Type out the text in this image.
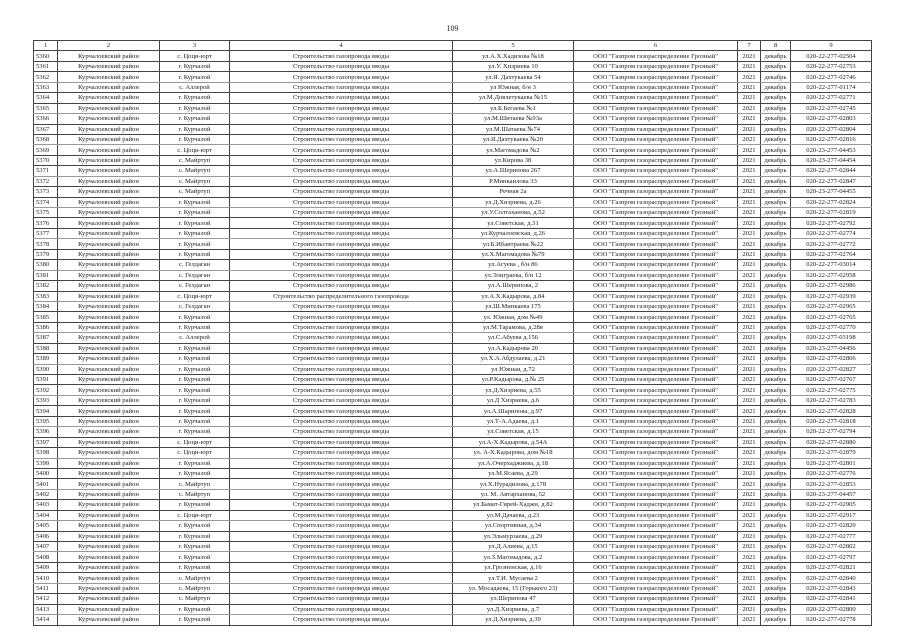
109
1	2	3	4	5	6	7	8	9
5360	Курчалоевский район	с. Цоци-юрт	Строительство газопровода вводы	ул.А.Х.Хадизова №18	ООО "Газпром газораспределение Грозный"	2021	декабрь	020-22-277-02504
5361	Курчалоевский район	г. Курчалой	Строительство газопровода вводы	ул.У. Хизриева 10	ООО "Газпром газораспределение Грозный"	2021	декабрь	020-22-277-02753
5362	Курчалоевский район	г. Курчалой	Строительство газопровода вводы	ул.Я. Дахтукаева 54	ООО "Газпром газораспределение Грозный"	2021	декабрь	020-22-277-02746
5363	Курчалоевский район	с. Аллерой	Строительство газопровода вводы	ул Южная, б/н 3	ООО "Газпром газораспределение Грозный"	2021	декабрь	020-22-277-01174
5364	Курчалоевский район	г. Курчалой	Строительство газопровода вводы	ул.М.Довлетукаева №15	ООО "Газпром газораспределение Грозный"	2021	декабрь	020-22-277-02771
5365	Курчалоевский район	г. Курчалой	Строительство газопровода вводы	ул.Б.Бегаева №1	ООО "Газпром газораспределение Грозный"	2021	декабрь	020-22-277-02745
5366	Курчалоевский район	г. Курчалой	Строительство газопровода вводы	ул.М.Шитаева №93а	ООО "Газпром газораспределение Грозный"	2021	декабрь	020-22-277-02803
5367	Курчалоевский район	г. Курчалой	Строительство газопровода вводы	ул.М.Шатаева №74	ООО "Газпром газораспределение Грозный"	2021	декабрь	020-22-277-02804
5368	Курчалоевский район	г. Курчалой	Строительство газопровода вводы	ул.Я.Дахтукаева №20	ООО "Газпром газораспределение Грозный"	2021	декабрь	020-22-277-02816
5369	Курчалоевский район	с. Цоци-юрт	Строительство газопровода вводы	ул.Магомадова №2	ООО "Газпром газораспределение Грозный"	2021	декабрь	020-23-277-04453
5370	Курчалоевский район	с. Майртуп	Строительство газопровода вводы	ул.Кирова 38	ООО "Газпром газораспределение Грозный"	2021	декабрь	020-23-277-04454
5371	Курчалоевский район	с. Майртуп	Строительство газопровода вводы	ул.А.Шерипова 267	ООО "Газпром газораспределение Грозный"	2021	декабрь	020-22-277-02844
5372	Курчалоевский район	с. Майртуп	Строительство газопровода вводы	Р.Минкаилова 33	ООО "Газпром газораспределение Грозный"	2021	декабрь	020-22-277-02847
5373	Курчалоевский район	с. Майртуп	Строительство газопровода вводы	Речная 2а	ООО "Газпром газораспределение Грозный"	2021	декабрь	020-23-277-04455
5374	Курчалоевский район	г. Курчалой	Строительство газопровода вводы	ул.Д.Хизриева, д.26	ООО "Газпром газораспределение Грозный"	2021	декабрь	020-22-277-02824
5375	Курчалоевский район	г. Курчалой	Строительство газопровода вводы	ул.У.Солтаханова, д.52	ООО "Газпром газораспределение Грозный"	2021	декабрь	020-22-277-02819
5376	Курчалоевский район	г. Курчалой	Строительство газопровода вводы	ул.Советская, д.31	ООО "Газпром газораспределение Грозный"	2021	декабрь	020-22-277-02792
5377	Курчалоевский район	г. Курчалой	Строительство газопровода вводы	ул.Курчалоевская, д.26	ООО "Газпром газораспределение Грозный"	2021	декабрь	020-22-277-02774
5378	Курчалоевский район	г. Курчалой	Строительство газопровода вводы	ул.Б.Ибаитраева №22	ООО "Газпром газораспределение Грозный"	2021	декабрь	020-22-277-02772
5379	Курчалоевский район	г. Курчалой	Строительство газопровода вводы	ул.Х.Магомадова №79	ООО "Газпром газораспределение Грозный"	2021	декабрь	020-22-277-02764
5380	Курчалоевский район	с. Гелдаган	Строительство газопровода вводы	ул.Агуева , б/н 86	ООО "Газпром газораспределение Грозный"	2021	декабрь	020-22-277-03014
5381	Курчалоевский район	с. Гелдаган	Строительство газопровода вводы	ул.Элиграева, б/н 12	ООО "Газпром газораспределение Грозный"	2021	декабрь	020-22-277-02958
5382	Курчалоевский район	с. Гелдаган	Строительство газопровода вводы	ул.А.Шерипова, 2	ООО "Газпром газораспределение Грозный"	2021	декабрь	020-22-277-02986
5383	Курчалоевский район	с. Цоци-юрт	Строительство распределительного газопровода	ул.А.Х.Кадырова, д.84	ООО "Газпром газораспределение Грозный"	2021	декабрь	020-22-277-02939
5384	Курчалоевский район	с. Гелдаган	Строительство газопровода вводы	ул.Ш.Минкаева 175	ООО "Газпром газораспределение Грозный"	2021	декабрь	020-22-277-02965
5385	Курчалоевский район	г. Курчалой	Строительство газопровода вводы	ул. Южная, дом №49	ООО "Газпром газораспределение Грозный"	2021	декабрь	020-22-277-02765
5386	Курчалоевский район	г. Курчалой	Строительство газопровода вводы	ул.М.Тарамова, д.28в	ООО "Газпром газораспределение Грозный"	2021	декабрь	020-22-277-02770
5387	Курчалоевский район	с. Аллерой	Строительство газопровода вводы	ул.С.Абуева д.156	ООО "Газпром газораспределение Грозный"	2021	декабрь	020-22-277-03198
5388	Курчалоевский район	г. Курчалой	Строительство газопровода вводы	ул.А.Кадырова 20	ООО "Газпром газораспределение Грозный"	2021	декабрь	020-23-277-04456
5389	Курчалоевский район	г. Курчалой	Строительство газопровода вводы	ул.Х.А.Абдулаева, д.21	ООО "Газпром газораспределение Грозный"	2021	декабрь	020-22-277-02806
5390	Курчалоевский район	г. Курчалой	Строительство газопровода вводы	ул Южная, д.72	ООО "Газпром газораспределение Грозный"	2021	декабрь	020-22-277-02827
5391	Курчалоевский район	г. Курчалой	Строительство газопровода вводы	ул.Р.Кадырова, д.№ 25	ООО "Газпром газораспределение Грозный"	2021	декабрь	020-22-277-02767
5392	Курчалоевский район	г. Курчалой	Строительство газопровода вводы	ул.Д.Хизриева, д.55	ООО "Газпром газораспределение Грозный"	2021	декабрь	020-22-277-02775
5393	Курчалоевский район	г. Курчалой	Строительство газопровода вводы	ул.Д Хизриева, д.6	ООО "Газпром газораспределение Грозный"	2021	декабрь	020-22-277-02783
5394	Курчалоевский район	г. Курчалой	Строительство газопровода вводы	ул.А.Шарипова, д.97	ООО "Газпром газораспределение Грозный"	2021	декабрь	020-22-277-02828
5395	Курчалоевский район	г. Курчалой	Строительство газопровода вводы	ул.Т-А.Адаева, д.1	ООО "Газпром газораспределение Грозный"	2021	декабрь	020-22-277-02818
5396	Курчалоевский район	г. Курчалой	Строительство газопровода вводы	ул.Советская, д.15	ООО "Газпром газораспределение Грозный"	2021	декабрь	020-22-277-02794
5397	Курчалоевский район	с. Цоци-юрт	Строительство газопровода вводы	ул.А-Х.Кадырова, д.54А	ООО "Газпром газораспределение Грозный"	2021	декабрь	020-22-277-02880
5398	Курчалоевский район	с. Цоци-юрт	Строительство газопровода вводы	ул. А-Х.Кадырова, дом №18	ООО "Газпром газораспределение Грозный"	2021	декабрь	020-22-277-02879
5399	Курчалоевский район	г. Курчалой	Строительство газопровода вводы	ул.А.Очерхаджиева, д.18	ООО "Газпром газораспределение Грозный"	2021	декабрь	020-22-277-02801
5400	Курчалоевский район	г. Курчалой	Строительство газопровода вводы	ул.М.Ясаева, д.29	ООО "Газпром газораспределение Грозный"	2021	декабрь	020-22-277-02776
5401	Курчалоевский район	с. Майртуп	Строительство газопровода вводы	ул.Х.Нурадилова, д.178	ООО "Газпром газораспределение Грозный"	2021	декабрь	020-22-277-02853
5402	Курчалоевский район	с. Майртуп	Строительство газопровода вводы	ул. М. Автарханова, 52	ООО "Газпром газораспределение Грозный"	2021	декабрь	020-23-277-04457
5403	Курчалоевский район	г. Курчалой	Строительство газопровода вводы	ул.Бамат-Гирей-Хаджи, д.82	ООО "Газпром газораспределение Грозный"	2021	декабрь	020-22-277-02905
5404	Курчалоевский район	с. Цоци-юрт	Строительство газопровода вводы	ул.М.Дачаева, д.23	ООО "Газпром газораспределение Грозный"	2021	декабрь	020-22-277-02917
5405	Курчалоевский район	г. Курчалой	Строительство газопровода вводы	ул.Спортивная, д.34	ООО "Газпром газораспределение Грозный"	2021	декабрь	020-22-277-02820
5406	Курчалоевский район	г. Курчалой	Строительство газопровода вводы	ул.Эльмурзаева, д.29	ООО "Газпром газораспределение Грозный"	2021	декабрь	020-22-277-02777
5407	Курчалоевский район	г. Курчалой	Строительство газопровода вводы	ул.Д.Алиева, д.15	ООО "Газпром газораспределение Грозный"	2021	декабрь	020-22-277-02802
5408	Курчалоевский район	г. Курчалой	Строительство газопровода вводы	ул.З.Магомадова, д.2	ООО "Газпром газораспределение Грозный"	2021	декабрь	020-22-277-02797
5409	Курчалоевский район	г. Курчалой	Строительство газопровода вводы	ул.Грозненская, д.16	ООО "Газпром газораспределение Грозный"	2021	декабрь	020-22-277-02821
5410	Курчалоевский район	с. Майртуп	Строительство газопровода вводы	ул.Т.И. Мусаева 2	ООО "Газпром газораспределение Грозный"	2021	декабрь	020-22-277-02840
5411	Курчалоевский район	с. Майртуп	Строительство газопровода вводы	ул. Мосадаева, 15 (Горького 23)	ООО "Газпром газораспределение Грозный"	2021	декабрь	020-22-277-02843
5412	Курчалоевский район	с. Майртуп	Строительство газопровода вводы	ул.Шерипова 47	ООО "Газпром газораспределение Грозный"	2021	декабрь	020-22-277-02841
5413	Курчалоевский район	г. Курчалой	Строительство газопровода вводы	ул.Д.Хизриева, д.7	ООО "Газпром газораспределение Грозный"	2021	декабрь	020-22-277-02800
5414	Курчалоевский район	г. Курчалой	Строительство газопровода вводы	ул.Д.Хизриева, д.39	ООО "Газпром газораспределение Грозный"	2021	декабрь	020-22-277-02778
